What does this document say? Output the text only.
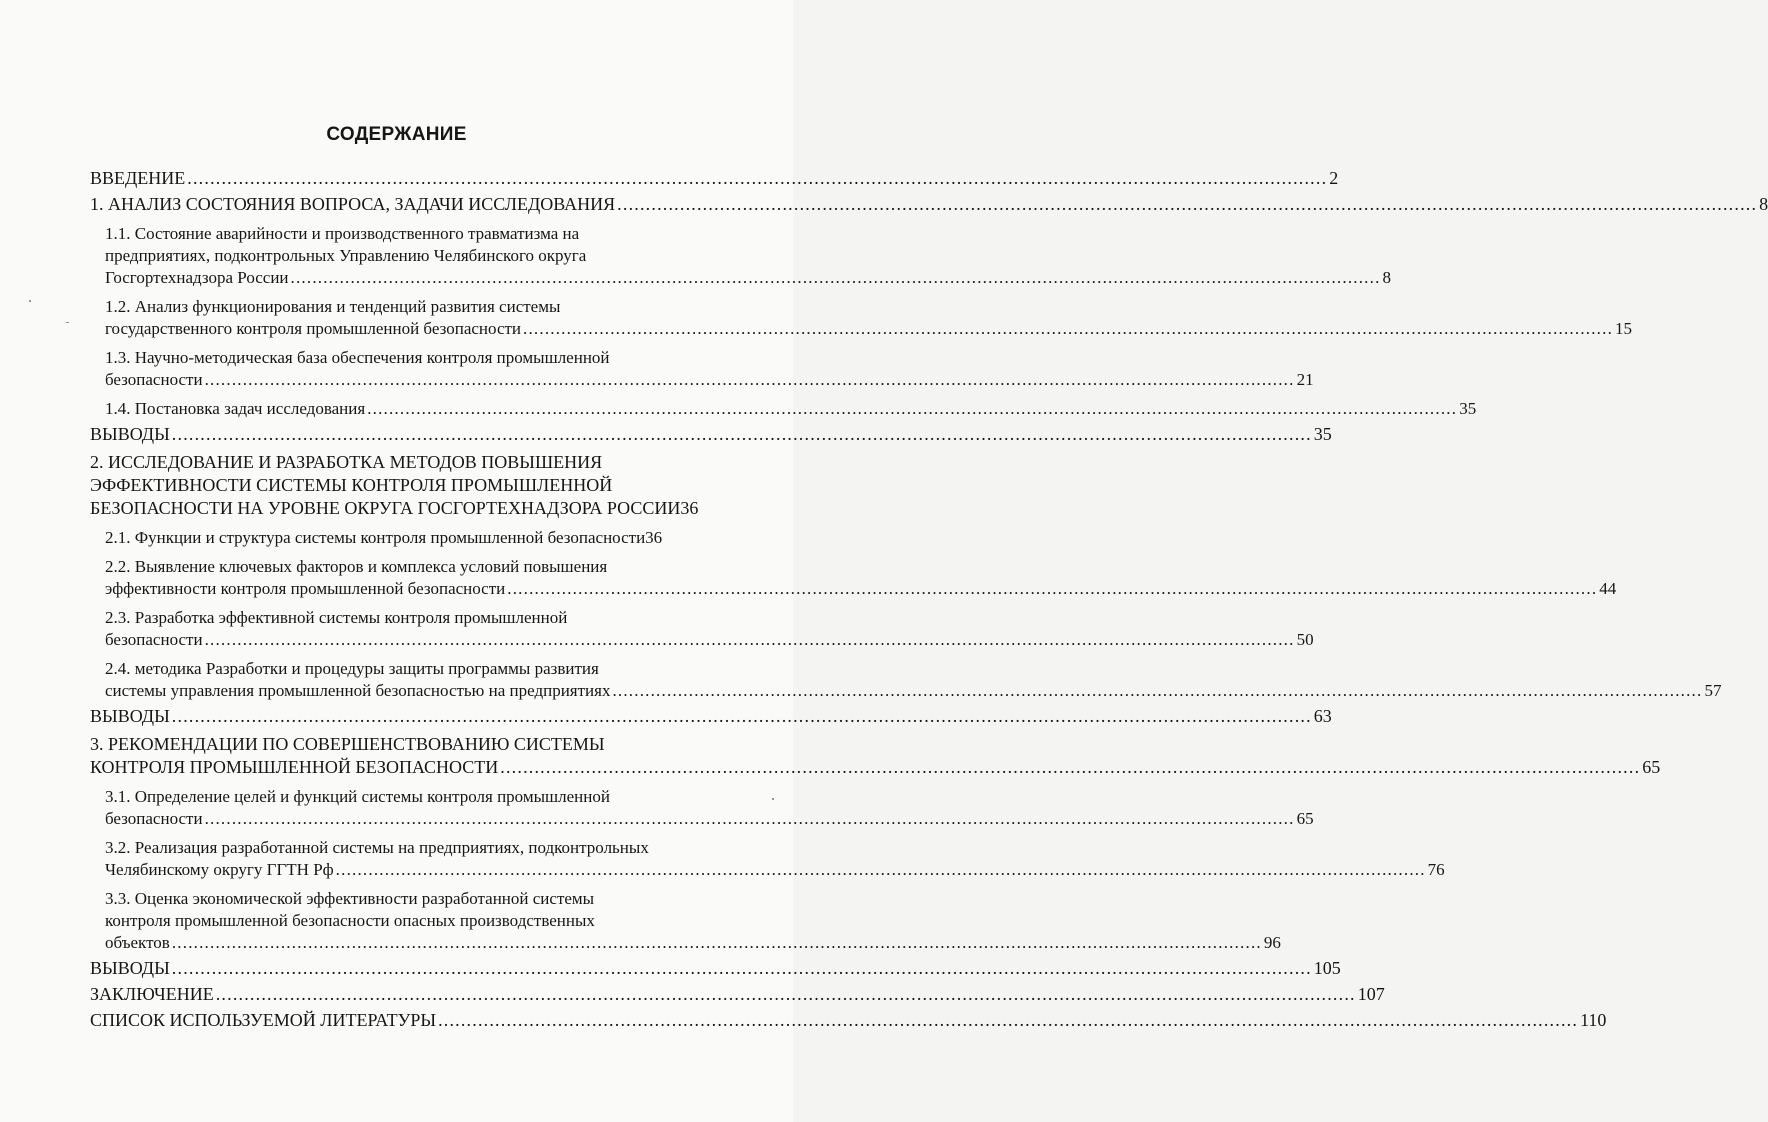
СОДЕРЖАНИЕ
ВВЕДЕНИЕ ........................................................................................................................................................................................................ 2
1. АНАЛИЗ СОСТОЯНИЯ ВОПРОСА, ЗАДАЧИ ИССЛЕДОВАНИЯ ........................................................................................................................................................................................................ 8
1.1. Состояние аварийности и производственного травматизма на
предприятиях, подконтрольных Управлению Челябинского округа
Госгортехнадзора России ........................................................................................................................................................................................................ 8
1.2. Анализ функционирования и тенденций развития системы
государственного контроля промышленной безопасности ........................................................................................................................................................................................................ 15
1.3. Научно-методическая база обеспечения контроля промышленной
безопасности ........................................................................................................................................................................................................ 21
1.4. Постановка задач исследования ........................................................................................................................................................................................................ 35
ВЫВОДЫ ........................................................................................................................................................................................................ 35
2. ИССЛЕДОВАНИЕ И РАЗРАБОТКА МЕТОДОВ ПОВЫШЕНИЯ
ЭФФЕКТИВНОСТИ СИСТЕМЫ КОНТРОЛЯ ПРОМЫШЛЕННОЙ
БЕЗОПАСНОСТИ НА УРОВНЕ ОКРУГА ГОСГОРТЕХНАДЗОРА РОССИИ 36
2.1. Функции и структура системы контроля промышленной безопасности 36
2.2. Выявление ключевых факторов и комплекса условий повышения
эффективности контроля промышленной безопасности ........................................................................................................................................................................................................ 44
2.3. Разработка эффективной системы контроля промышленной
безопасности ........................................................................................................................................................................................................ 50
2.4. методика Разработки и процедуры защиты программы развития
системы управления промышленной безопасностью на предприятиях ........................................................................................................................................................................................................ 57
ВЫВОДЫ ........................................................................................................................................................................................................ 63
3. РЕКОМЕНДАЦИИ ПО СОВЕРШЕНСТВОВАНИЮ СИСТЕМЫ
КОНТРОЛЯ ПРОМЫШЛЕННОЙ БЕЗОПАСНОСТИ ........................................................................................................................................................................................................ 65
3.1. Определение целей и функций системы контроля промышленной
безопасности ........................................................................................................................................................................................................ 65
3.2. Реализация разработанной системы на предприятиях, подконтрольных
Челябинскому округу ГГТН Рф ........................................................................................................................................................................................................ 76
3.3. Оценка экономической эффективности разработанной системы
контроля промышленной безопасности опасных производственных
объектов ........................................................................................................................................................................................................ 96
ВЫВОДЫ ........................................................................................................................................................................................................ 105
ЗАКЛЮЧЕНИЕ ........................................................................................................................................................................................................ 107
СПИСОК ИСПОЛЬЗУЕМОЙ ЛИТЕРАТУРЫ ........................................................................................................................................................................................................ 110
